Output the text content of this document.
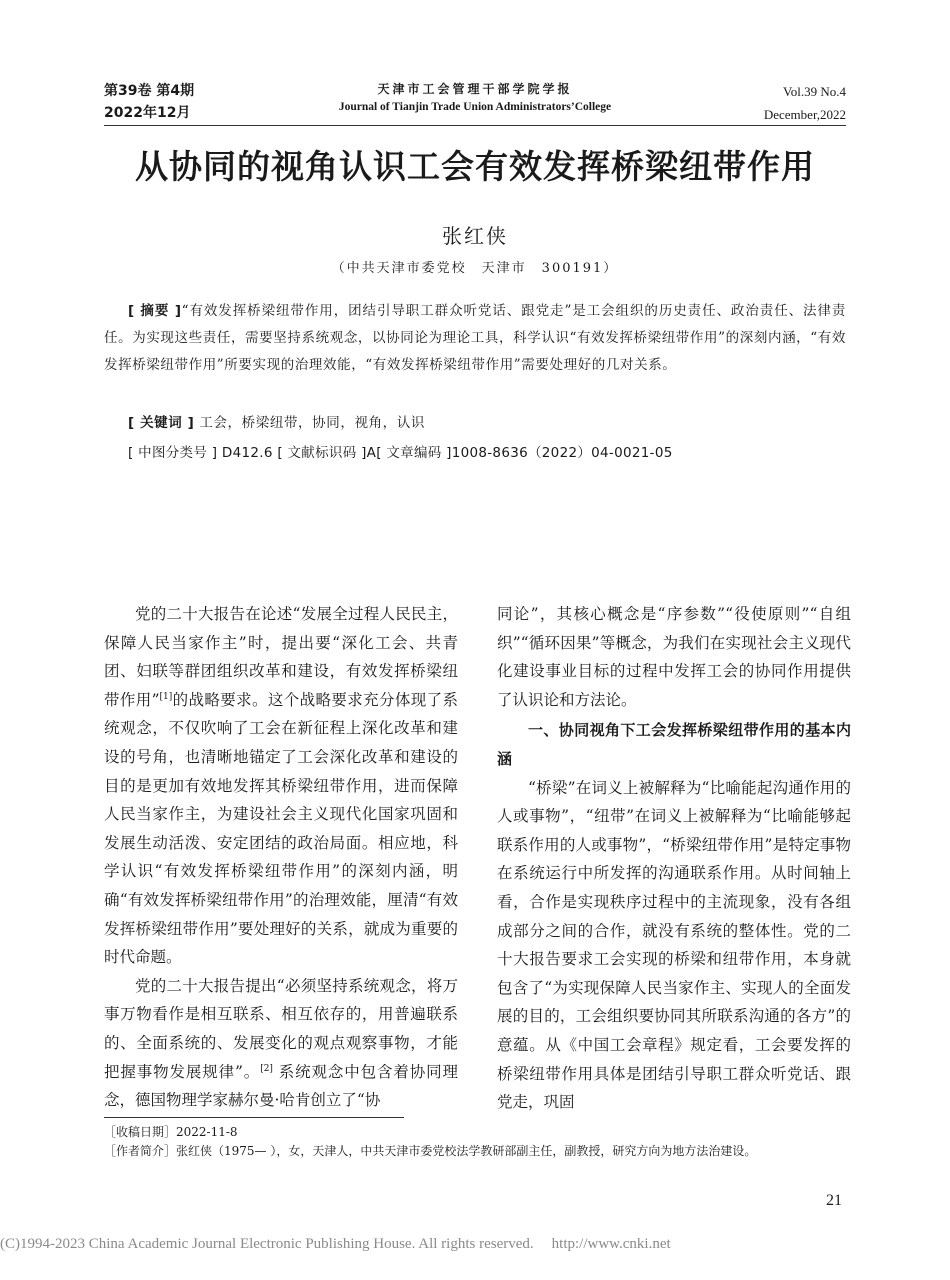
第39卷 第4期
2022年12月
天津市工会管理干部学院学报
Journal of Tianjin Trade Union Administrators’College
Vol.39 No.4
December,2022
从协同的视角认识工会有效发挥桥梁纽带作用
张红侠
（中共天津市委党校　天津市　300191）
[ 摘要 ]“有效发挥桥梁纽带作用，团结引导职工群众听党话、跟党走”是工会组织的历史责任、政治责任、法律责任。为实现这些责任，需要坚持系统观念，以协同论为理论工具，科学认识“有效发挥桥梁纽带作用”的深刻内涵，“有效发挥桥梁纽带作用”所要实现的治理效能，“有效发挥桥梁纽带作用”需要处理好的几对关系。
[ 关键词 ] 工会，桥梁纽带，协同，视角，认识
[ 中图分类号 ] D412.6 [ 文献标识码 ]A[ 文章编码 ]1008-8636（2022）04-0021-05

党的二十大报告在论述“发展全过程人民民主，保障人民当家作主”时，提出要“深化工会、共青团、妇联等群团组织改革和建设，有效发挥桥梁纽带作用”[1]的战略要求。这个战略要求充分体现了系统观念，不仅吹响了工会在新征程上深化改革和建设的号角，也清晰地锚定了工会深化改革和建设的目的是更加有效地发挥其桥梁纽带作用，进而保障人民当家作主，为建设社会主义现代化国家巩固和发展生动活泼、安定团结的政治局面。相应地，科学认识“有效发挥桥梁纽带作用”的深刻内涵，明确“有效发挥桥梁纽带作用”的治理效能，厘清“有效发挥桥梁纽带作用”要处理好的关系，就成为重要的时代命题。

党的二十大报告提出“必须坚持系统观念，将万事万物看作是相互联系、相互依存的，用普遍联系的、全面系统的、发展变化的观点观察事物，才能把握事物发展规律”。[2] 系统观念中包含着协同理念，德国物理学家赫尔曼·哈肯创立了“协

同论”，其核心概念是“序参数”“役使原则”“自组织”“循环因果”等概念，为我们在实现社会主义现代化建设事业目标的过程中发挥工会的协同作用提供了认识论和方法论。

一、协同视角下工会发挥桥梁纽带作用的基本内涵

“桥梁”在词义上被解释为“比喻能起沟通作用的人或事物”，“纽带”在词义上被解释为“比喻能够起联系作用的人或事物”，“桥梁纽带作用”是特定事物在系统运行中所发挥的沟通联系作用。从时间轴上看，合作是实现秩序过程中的主流现象，没有各组成部分之间的合作，就没有系统的整体性。党的二十大报告要求工会实现的桥梁和纽带作用，本身就包含了“为实现保障人民当家作主、实现人的全面发展的目的，工会组织要协同其所联系沟通的各方”的意蕴。从《中国工会章程》规定看，工会要发挥的桥梁纽带作用具体是团结引导职工群众听党话、跟党走，巩固

［收稿日期］2022-11-8
［作者简介］张红侠（1975— ），女，天津人，中共天津市委党校法学教研部副主任，副教授，研究方向为地方法治建设。
21
(C)1994-2023 China Academic Journal Electronic Publishing House. All rights reserved. http://www.cnki.net
